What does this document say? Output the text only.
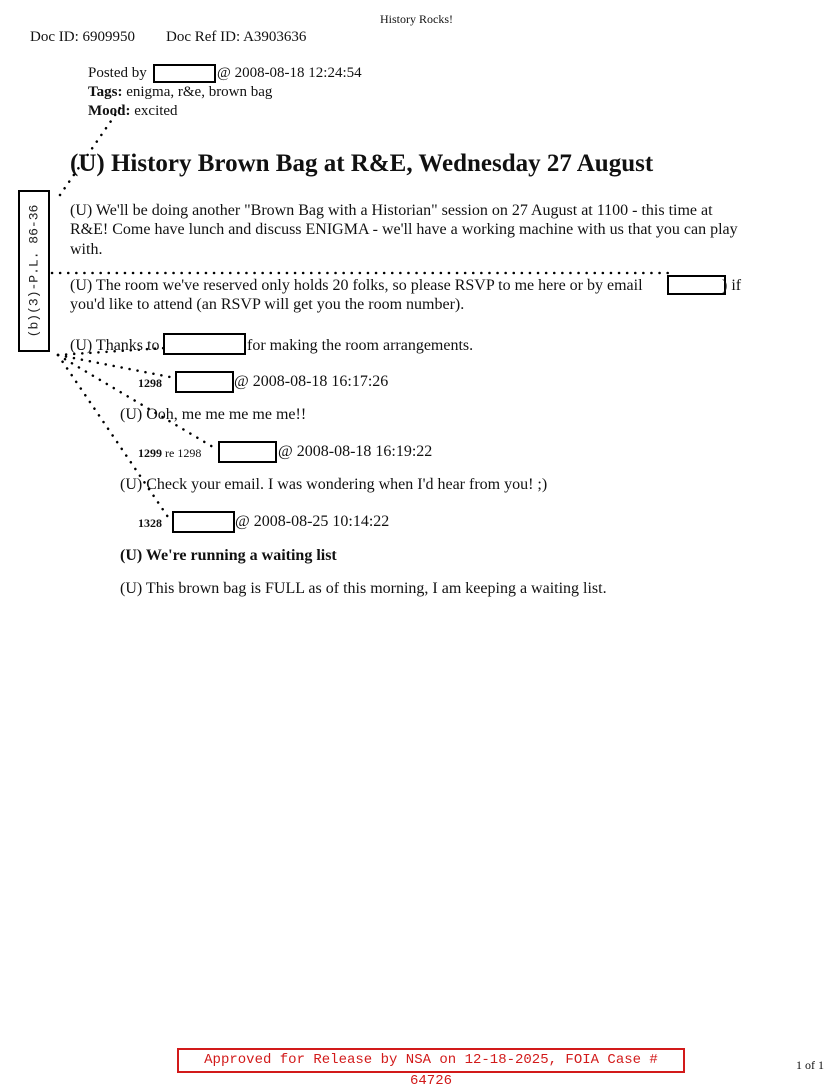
History Rocks!
Doc ID: 6909950 Doc Ref ID: A3903636
Posted by	@ 2008-08-18 12:24:54
Tags: enigma, r&e, brown bag
Mood: excited
(U) History Brown Bag at R&E, Wednesday 27 August
(b)(3)-P.L. 86-36 (U) We'll be doing another "Brown Bag with a Historian" session on 27 August at 1100 - this time at
R&E! Come have lunch and discuss ENIGMA - we'll have a working machine with us that you can play
with.
(U) The room we've reserved only holds 20 folks, so please RSVP to me here or by email	) if
you'd like to attend (an RSVP will get you the room number).
(U) Thanks to	for making the room arrangements.
1298	@ 2008-08-18 16:17:26
(U) Ooh, me me me me me!!
1299 re 1298	@ 2008-08-18 16:19:22
(U) Check your email. I was wondering when I'd hear from you! ;)
1328	@ 2008-08-25 10:14:22
(U) We're running a waiting list
(U) This brown bag is FULL as of this morning, I am keeping a waiting list.
Approved for Release by NSA on 12-18-2025, FOIA Case # 64726
1 of 1
